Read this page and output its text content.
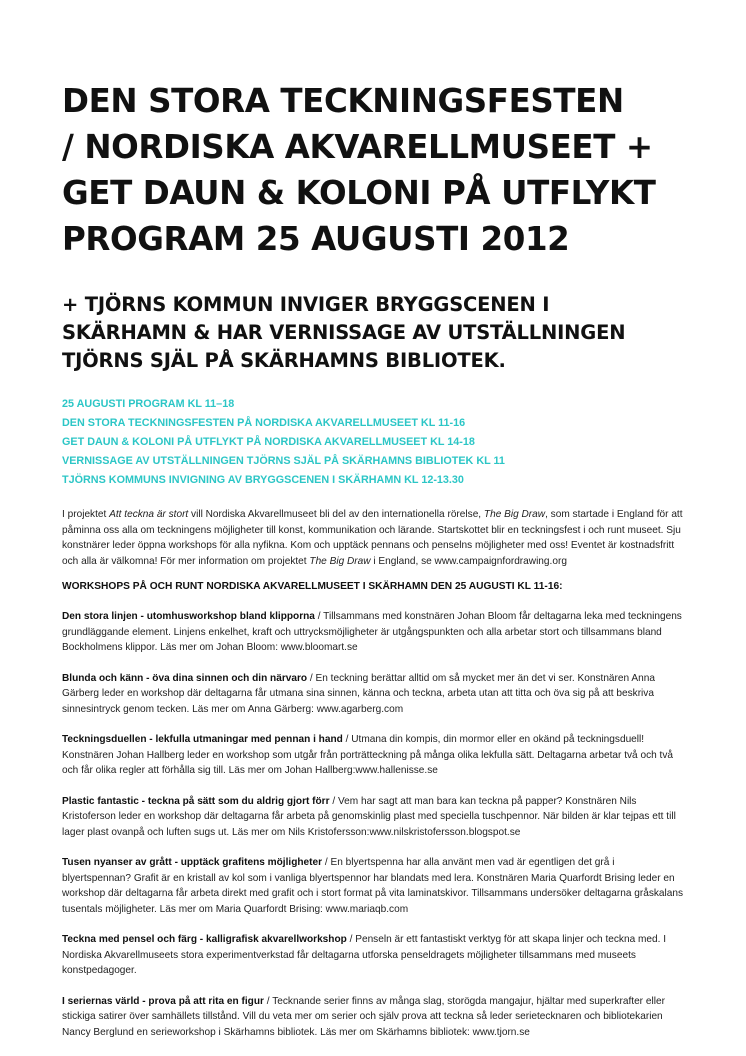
DEN STORA TECKNINGSFESTEN
/ NORDISKA AKVARELLMUSEET +
GET DAUN & KOLONI PÅ UTFLYKT
PROGRAM 25 AUGUSTI 2012
+ TJÖRNS KOMMUN INVIGER BRYGGSCENEN I
SKÄRHAMN & HAR VERNISSAGE AV UTSTÄLLNINGEN
TJÖRNS SJÄL PÅ SKÄRHAMNS BIBLIOTEK.
25 AUGUSTI PROGRAM KL 11–18
DEN STORA TECKNINGSFESTEN PÅ NORDISKA AKVARELLMUSEET KL 11-16
GET DAUN & KOLONI PÅ UTFLYKT PÅ NORDISKA AKVARELLMUSEET KL 14-18
VERNISSAGE AV UTSTÄLLNINGEN TJÖRNS SJÄL PÅ SKÄRHAMNS BIBLIOTEK KL 11
TJÖRNS KOMMUNS INVIGNING AV BRYGGSCENEN I SKÄRHAMN KL 12-13.30

I projektet Att teckna är stort vill Nordiska Akvarellmuseet bli del av den internationella rörelse, The Big Draw, som startade i England för att påminna oss alla om teckningens möjligheter till konst, kommunikation och lärande. Startskottet blir en teckningsfest i och runt museet. Sju konstnärer leder öppna workshops för alla nyfikna. Kom och upptäck pennans och penselns möjligheter med oss! Eventet är kostnadsfritt och alla är välkomna! För mer information om projektet The Big Draw i England, se www.campaignfordrawing.org

WORKSHOPS PÅ OCH RUNT NORDISKA AKVARELLMUSEET I SKÄRHAMN DEN 25 AUGUSTI KL 11-16:

Den stora linjen - utomhusworkshop bland klipporna / Tillsammans med konstnären Johan Bloom får deltagarna leka med teckningens grundläggande element. Linjens enkelhet, kraft och uttrycksmöjligheter är utgångspunkten och alla arbetar stort och tillsammans bland Bockholmens klippor. Läs mer om Johan Bloom: www.bloomart.se

Blunda och känn - öva dina sinnen och din närvaro / En teckning berättar alltid om så mycket mer än det vi ser. Konstnären Anna Gärberg leder en workshop där deltagarna får utmana sina sinnen, känna och teckna, arbeta utan att titta och öva sig på att beskriva sinnesintryck genom tecken. Läs mer om Anna Gärberg: www.agarberg.com

Teckningsduellen - lekfulla utmaningar med pennan i hand / Utmana din kompis, din mormor eller en okänd på teckningsduell! Konstnären Johan Hallberg leder en workshop som utgår från porträtteckning på många olika lekfulla sätt. Deltagarna arbetar två och två och får olika regler att förhålla sig till. Läs mer om Johan Hallberg:www.hallenisse.se

Plastic fantastic - teckna på sätt som du aldrig gjort förr / Vem har sagt att man bara kan teckna på papper? Konstnären Nils Kristoferson leder en workshop där deltagarna får arbeta på genomskinlig plast med speciella tuschpennor. När bilden är klar tejpas ett till lager plast ovanpå och luften sugs ut. Läs mer om Nils Kristofersson:www.nilskristofersson.blogspot.se

Tusen nyanser av grått - upptäck grafitens möjligheter / En blyertspenna har alla använt men vad är egentligen det grå i blyertspennan? Grafit är en kristall av kol som i vanliga blyertspennor har blandats med lera. Konstnären Maria Quarfordt Brising leder en workshop där deltagarna får arbeta direkt med grafit och i stort format på vita laminatskivor. Tillsammans undersöker deltagarna gråskalans tusentals möjligheter. Läs mer om Maria Quarfordt Brising: www.mariaqb.com

Teckna med pensel och färg - kalligrafisk akvarellworkshop / Penseln är ett fantastiskt verktyg för att skapa linjer och teckna med. I Nordiska Akvarellmuseets stora experimentverkstad får deltagarna utforska penseldragets möjligheter tillsammans med museets konstpedagoger.

I seriernas värld - prova på att rita en figur / Tecknande serier finns av många slag, storögda mangajur, hjältar med superkrafter eller stickiga satirer över samhällets tillstånd. Vill du veta mer om serier och själv prova att teckna så leder serietecknaren och bibliotekarien Nancy Berglund en serieworkshop i Skärhamns bibliotek. Läs mer om Skärhamns bibliotek: www.tjorn.se
